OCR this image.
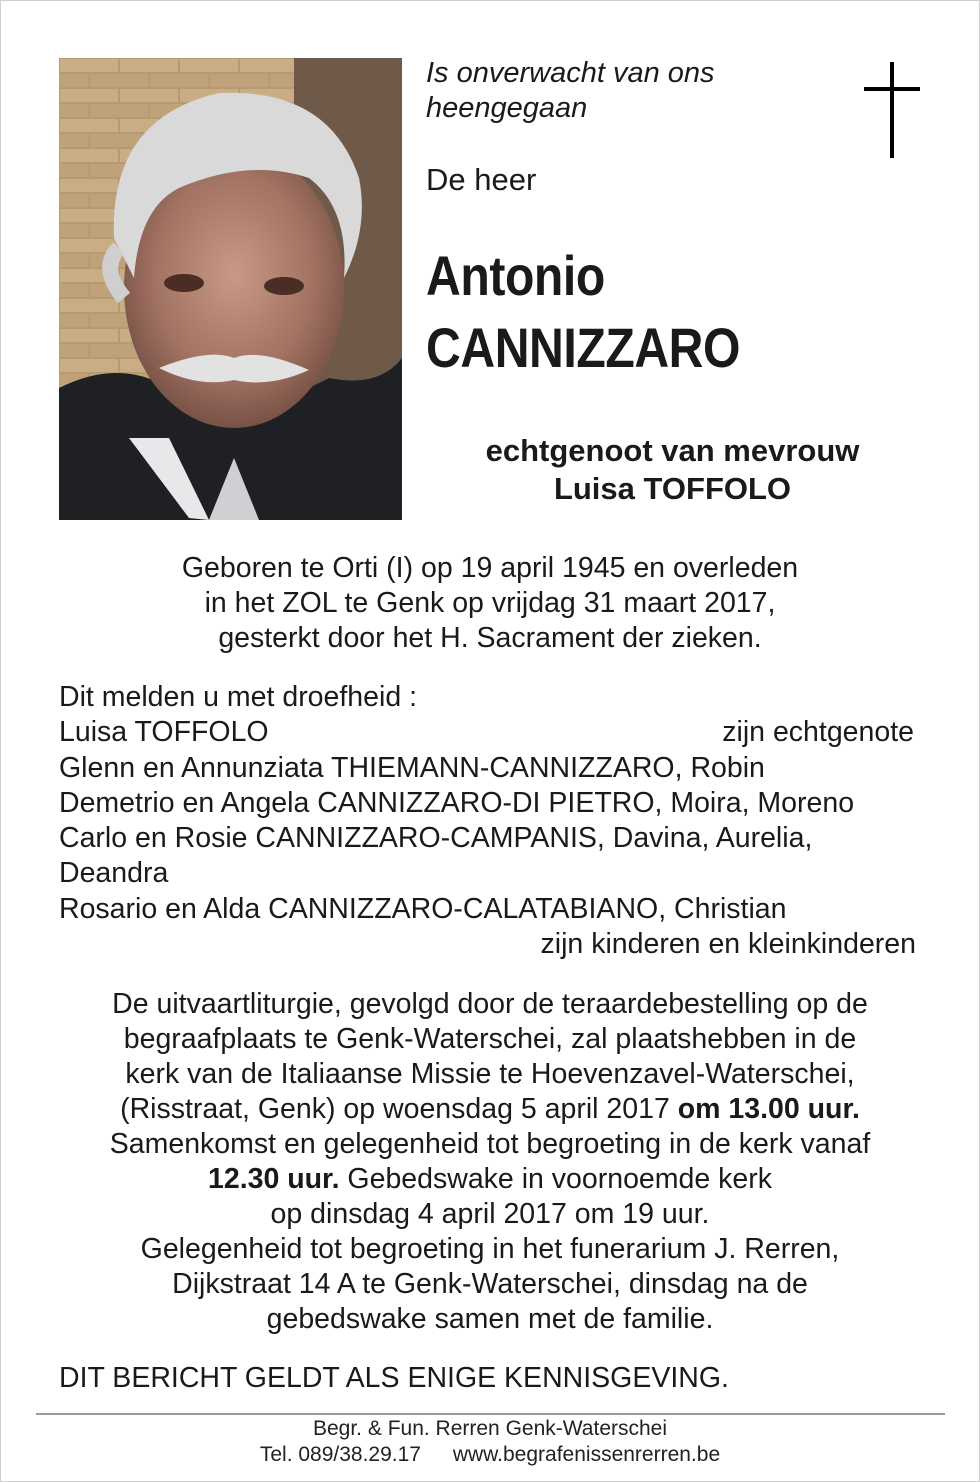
Is onverwacht van ons
heengegaan
De heer
Antonio
CANNIZZARO
echtgenoot van mevrouw
Luisa TOFFOLO
Geboren te Orti (I) op 19 april 1945 en overleden
in het ZOL te Genk op vrijdag 31 maart 2017,
gesterkt door het H. Sacrament der zieken.
Dit melden u met droefheid :
Luisa TOFFOLO	zijn echtgenote
Glenn en Annunziata THIEMANN-CANNIZZARO, Robin
Demetrio en Angela CANNIZZARO-DI PIETRO, Moira, Moreno
Carlo en Rosie CANNIZZARO-CAMPANIS, Davina, Aurelia,
Deandra
Rosario en Alda CANNIZZARO-CALATABIANO, Christian
zijn kinderen en kleinkinderen
De uitvaartliturgie, gevolgd door de teraardebestelling op de
begraafplaats te Genk-Waterschei, zal plaatshebben in de
kerk van de Italiaanse Missie te Hoevenzavel-Waterschei,
(Risstraat, Genk) op woensdag 5 april 2017 om 13.00 uur.
Samenkomst en gelegenheid tot begroeting in de kerk vanaf
12.30 uur. Gebedswake in voornoemde kerk
op dinsdag 4 april 2017 om 19 uur.
Gelegenheid tot begroeting in het funerarium J. Rerren,
Dijkstraat 14 A te Genk-Waterschei, dinsdag na de
gebedswake samen met de familie.
DIT BERICHT GELDT ALS ENIGE KENNISGEVING.
Begr. & Fun. Rerren Genk-Waterschei
Tel. 089/38.29.17 www.begrafenissenrerren.be
